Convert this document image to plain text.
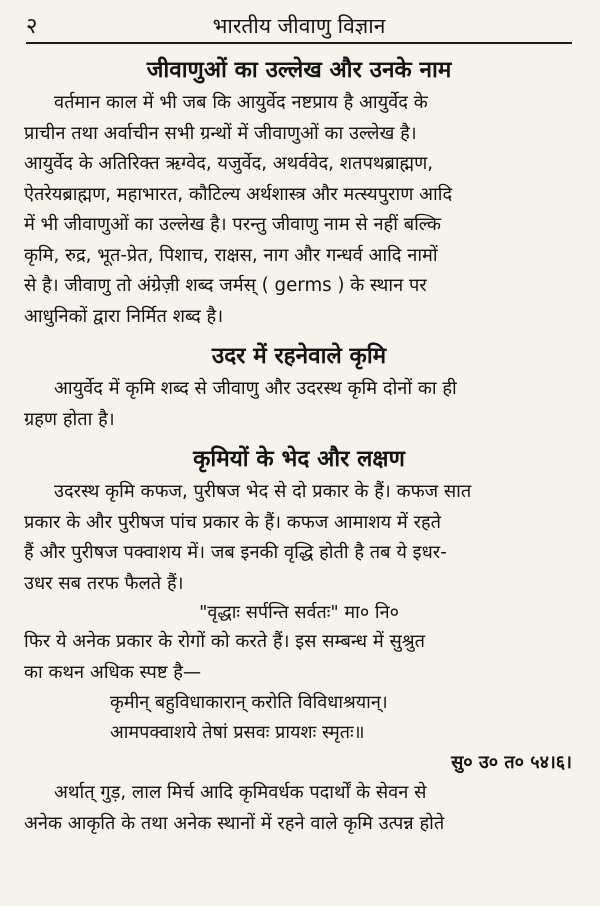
२	भारतीय जीवाणु विज्ञान
जीवाणुओं का उल्लेख और उनके नाम

वर्तमान काल में भी जब कि आयुर्वेद नष्टप्राय है आयुर्वेद के
प्राचीन तथा अर्वाचीन सभी ग्रन्थों में जीवाणुओं का उल्लेख है।
आयुर्वेद के अतिरिक्त ऋग्वेद, यजुर्वेद, अथर्ववेद, शतपथब्राह्मण,
ऐतरेयब्राह्मण, महाभारत, कौटिल्य अर्थशास्त्र और मत्स्यपुराण आदि
में भी जीवाणुओं का उल्लेख है। परन्तु जीवाणु नाम से नहीं बल्कि
कृमि, रुद्र, भूत-प्रेत, पिशाच, राक्षस, नाग और गन्धर्व आदि नामों
से है। जीवाणु तो अंग्रेज़ी शब्द जर्मस् ( germs ) के स्थान पर
आधुनिकों द्वारा निर्मित शब्द है।

उदर में रहनेवाले कृमि

आयुर्वेद में कृमि शब्द से जीवाणु और उदरस्थ कृमि दोनों का ही
ग्रहण होता है।

कृमियों के भेद और लक्षण

उदरस्थ कृमि कफज, पुरीषज भेद से दो प्रकार के हैं। कफज सात
प्रकार के और पुरीषज पांच प्रकार के हैं। कफज आमाशय में रहते
हैं और पुरीषज पक्वाशय में। जब इनकी वृद्धि होती है तब ये इधर-
उधर सब तरफ फैलते हैं।

"वृद्धाः सर्पन्ति सर्वतः" मा० नि०

फिर ये अनेक प्रकार के रोगों को करते हैं। इस सम्बन्ध में सुश्रुत
का कथन अधिक स्पष्ट है—

कृमीन् बहुविधाकारान् करोति विविधाश्रयान्।

आमपक्वाशये तेषां प्रसवः प्रायशः स्मृतः॥

सु० उ० त० ५४।६।

अर्थात् गुड़, लाल मिर्च आदि कृमिवर्धक पदार्थों के सेवन से
अनेक आकृति के तथा अनेक स्थानों में रहने वाले कृमि उत्पन्न होते
